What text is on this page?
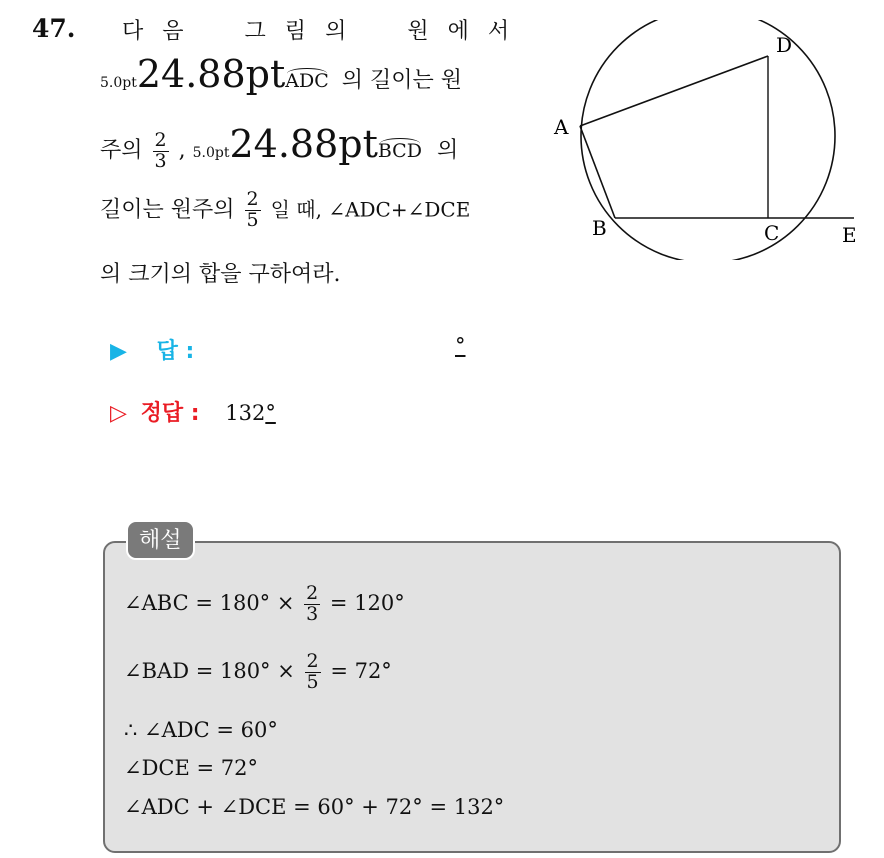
47.	다 음	그 림 의	원 에 서
5.0pt24.88ptADC 의 길이는 원
주의 $\frac{2}{3}$ , 5.0pt24.88ptBCD 의
길이는 원주의 $\frac{2}{5}$ 일 때, ∠ADC+∠DCE
의 크기의 합을 구하여라.
A
B	C
D
E
▶ 답 :	°
▷ 정답 : 132°
해설
∠ABC = $180^\circ \times \frac{2}{3} = 120^\circ$
∠BAD = $180^\circ \times \frac{2}{5} = 72^\circ$
∴ ∠ADC = 60°
∠DCE = 72°
∠ADC + ∠DCE = 60° + 72° = 132°
